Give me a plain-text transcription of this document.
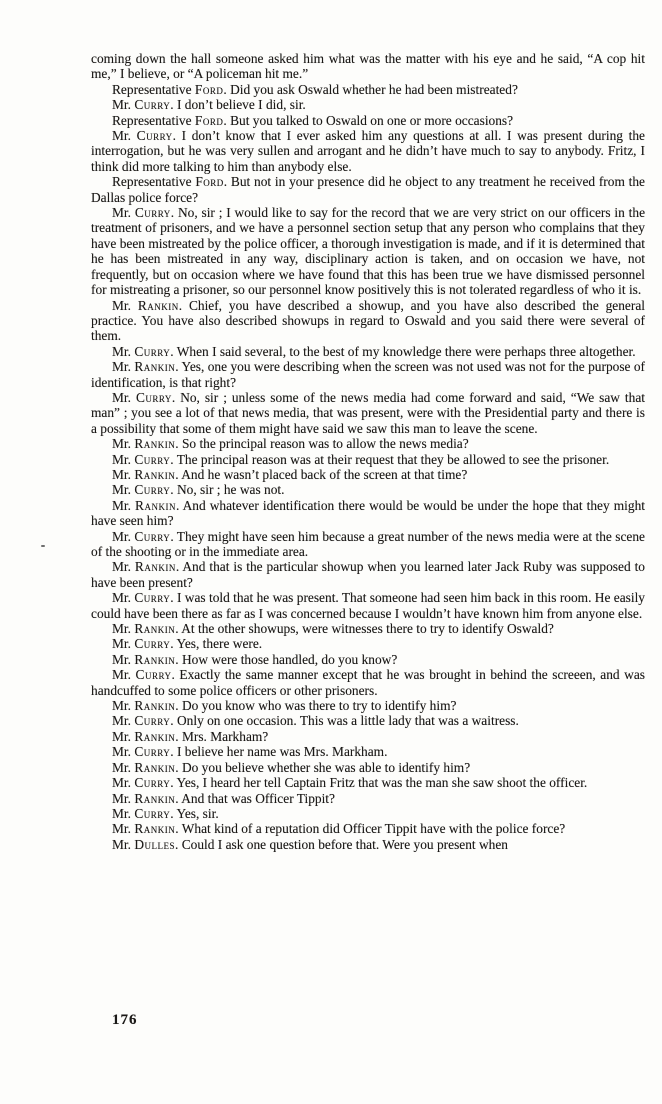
coming down the hall someone asked him what was the matter with his eye and he said, “A cop hit me,” I believe, or “A policeman hit me.”

Representative Ford. Did you ask Oswald whether he had been mistreated?

Mr. Curry. I don’t believe I did, sir.

Representative Ford. But you talked to Oswald on one or more occasions?

Mr. Curry. I don’t know that I ever asked him any questions at all. I was present during the interrogation, but he was very sullen and arrogant and he didn’t have much to say to anybody. Fritz, I think did more talking to him than anybody else.

Representative Ford. But not in your presence did he object to any treatment he received from the Dallas police force?

Mr. Curry. No, sir ; I would like to say for the record that we are very strict on our officers in the treatment of prisoners, and we have a personnel section setup that any person who complains that they have been mistreated by the police officer, a thorough investigation is made, and if it is determined that he has been mistreated in any way, disciplinary action is taken, and on occasion we have, not frequently, but on occasion where we have found that this has been true we have dismissed personnel for mistreating a prisoner, so our personnel know positively this is not tolerated regardless of who it is.

Mr. Rankin. Chief, you have described a showup, and you have also described the general practice. You have also described showups in regard to Oswald and you said there were several of them.

Mr. Curry. When I said several, to the best of my knowledge there were perhaps three altogether.

Mr. Rankin. Yes, one you were describing when the screen was not used was not for the purpose of identification, is that right?

Mr. Curry. No, sir ; unless some of the news media had come forward and said, “We saw that man” ; you see a lot of that news media, that was present, were with the Presidential party and there is a possibility that some of them might have said we saw this man to leave the scene.

Mr. Rankin. So the principal reason was to allow the news media?

Mr. Curry. The principal reason was at their request that they be allowed to see the prisoner.

Mr. Rankin. And he wasn’t placed back of the screen at that time?

Mr. Curry. No, sir ; he was not.

Mr. Rankin. And whatever identification there would be would be under the hope that they might have seen him?

Mr. Curry. They might have seen him because a great number of the news media were at the scene of the shooting or in the immediate area.

Mr. Rankin. And that is the particular showup when you learned later Jack Ruby was supposed to have been present?

Mr. Curry. I was told that he was present. That someone had seen him back in this room. He easily could have been there as far as I was concerned because I wouldn’t have known him from anyone else.

Mr. Rankin. At the other showups, were witnesses there to try to identify Oswald?

Mr. Curry. Yes, there were.

Mr. Rankin. How were those handled, do you know?

Mr. Curry. Exactly the same manner except that he was brought in behind the screeen, and was handcuffed to some police officers or other prisoners.

Mr. Rankin. Do you know who was there to try to identify him?

Mr. Curry. Only on one occasion. This was a little lady that was a waitress.

Mr. Rankin. Mrs. Markham?

Mr. Curry. I believe her name was Mrs. Markham.

Mr. Rankin. Do you believe whether she was able to identify him?

Mr. Curry. Yes, I heard her tell Captain Fritz that was the man she saw shoot the officer.

Mr. Rankin. And that was Officer Tippit?

Mr. Curry. Yes, sir.

Mr. Rankin. What kind of a reputation did Officer Tippit have with the police force?

Mr. Dulles. Could I ask one question before that. Were you present when

176
